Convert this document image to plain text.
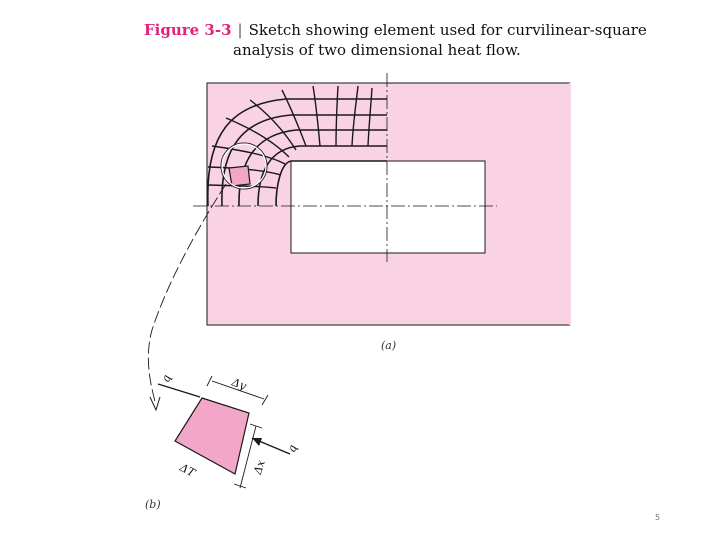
Figure 3-3 | Sketch showing element used for curvilinear-square
analysis of two dimensional heat flow.
(a)
(b)
q
q
Δy
Δx
ΔT
5
